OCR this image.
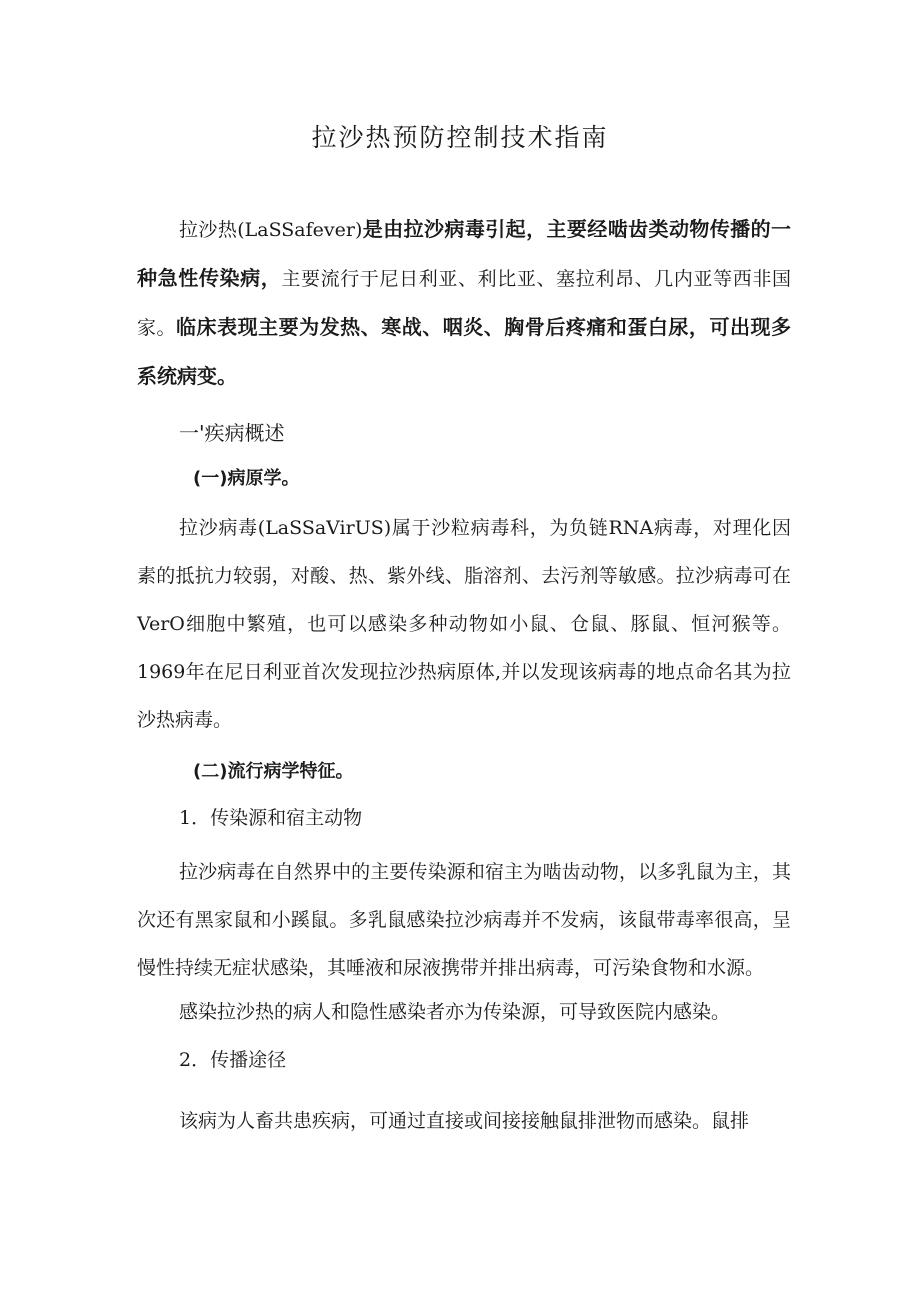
拉沙热预防控制技术指南

拉沙热(LaSSafever)是由拉沙病毒引起，主要经啮齿类动物传播的一种急性传染病，主要流行于尼日利亚、利比亚、塞拉利昂、几内亚等西非国家。临床表现主要为发热、寒战、咽炎、胸骨后疼痛和蛋白尿，可出现多系统病变。

一'疾病概述
(一)病原学。

拉沙病毒(LaSSaVirUS)属于沙粒病毒科，为负链RNA病毒，对理化因素的抵抗力较弱，对酸、热、紫外线、脂溶剂、去污剂等敏感。拉沙病毒可在VerO细胞中繁殖，也可以感染多种动物如小鼠、仓鼠、豚鼠、恒河猴等。1969年在尼日利亚首次发现拉沙热病原体,并以发现该病毒的地点命名其为拉沙热病毒。

(二)流行病学特征。
1．传染源和宿主动物

拉沙病毒在自然界中的主要传染源和宿主为啮齿动物，以多乳鼠为主，其次还有黑家鼠和小蹊鼠。多乳鼠感染拉沙病毒并不发病，该鼠带毒率很高，呈慢性持续无症状感染，其唾液和尿液携带并排出病毒，可污染食物和水源。

感染拉沙热的病人和隐性感染者亦为传染源，可导致医院内感染。
2．传播途径

该病为人畜共患疾病，可通过直接或间接接触鼠排泄物而感染。鼠排
